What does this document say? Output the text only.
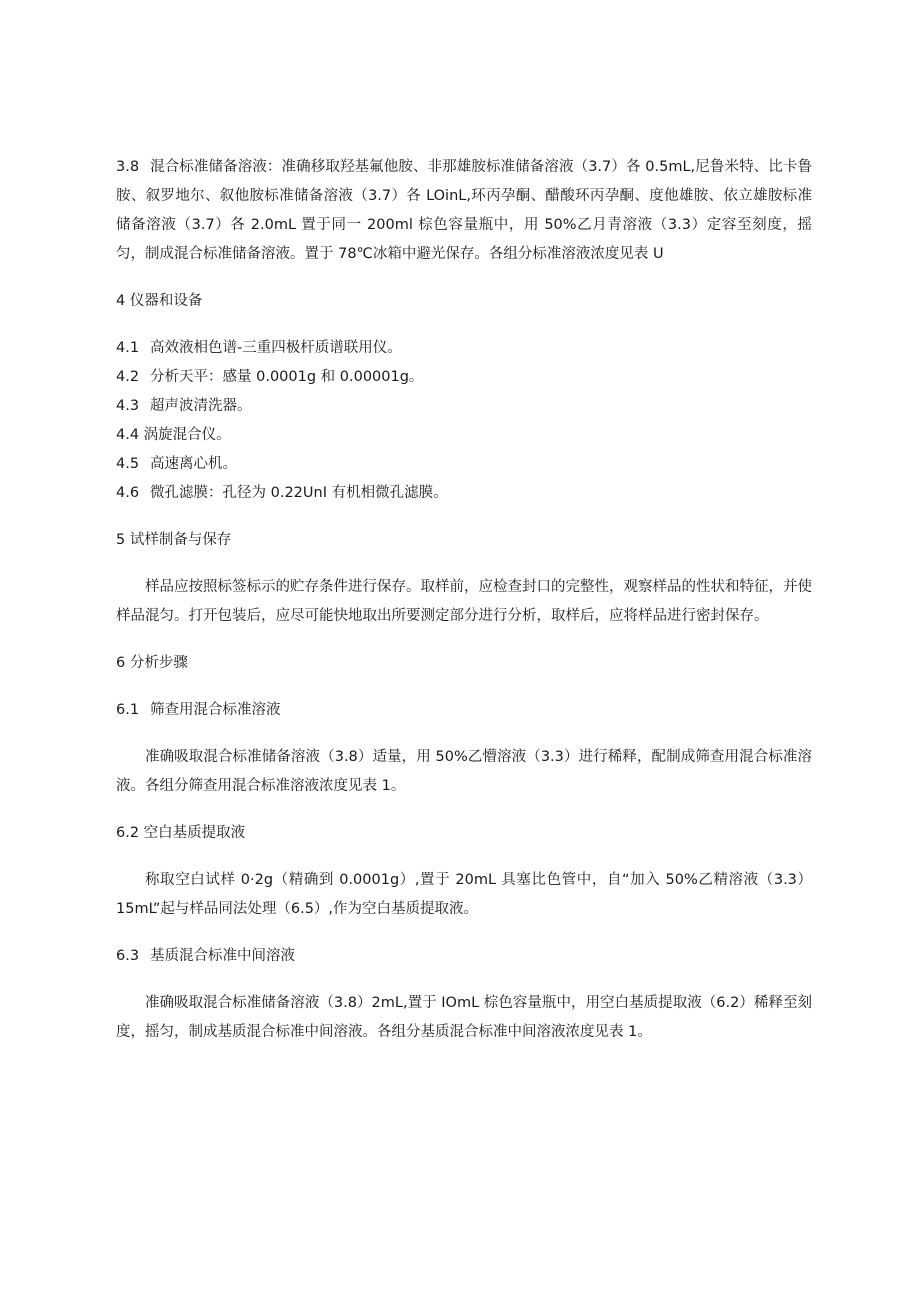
3.8 混合标准储备溶液：准确移取羟基氟他胺、非那雄胺标准储备溶液（3.7）各 0.5mL,尼鲁米特、比卡鲁胺、叙罗地尔、叙他胺标准储备溶液（3.7）各 LOinL,环丙孕酮、醋酸环丙孕酮、度他雄胺、依立雄胺标准储备溶液（3.7）各 2.0mL 置于同一 200ml 棕色容量瓶中，用 50%乙月青溶液（3.3）定容至刻度，摇匀，制成混合标准储备溶液。置于 78℃冰箱中避光保存。各组分标准溶液浓度见表 U

4 仪器和设备

4.1 高效液相色谱-三重四极杆质谱联用仪。

4.2 分析天平：感量 0.0001g 和 0.00001g。

4.3 超声波清洗器。

4.4 涡旋混合仪。

4.5 高速离心机。

4.6 微孔滤膜：孔径为 0.22UnI 有机相微孔滤膜。

5 试样制备与保存

样品应按照标签标示的贮存条件进行保存。取样前，应检查封口的完整性，观察样品的性状和特征，并使样品混匀。打开包装后，应尽可能快地取出所要测定部分进行分析，取样后，应将样品进行密封保存。

6 分析步骤

6.1 筛查用混合标准溶液

准确吸取混合标准储备溶液（3.8）适量，用 50%乙懵溶液（3.3）进行稀释，配制成筛查用混合标准溶液。各组分筛查用混合标准溶液浓度见表 1。

6.2 空白基质提取液

称取空白试样 0·2g（精确到 0.0001g）,置于 20mL 具塞比色管中，自“加入 50%乙精溶液（3.3）15mL”起与样品同法处理（6.5）,作为空白基质提取液。

6.3 基质混合标准中间溶液

准确吸取混合标准储备溶液（3.8）2mL,置于 IOmL 棕色容量瓶中，用空白基质提取液（6.2）稀释至刻度，摇匀，制成基质混合标准中间溶液。各组分基质混合标准中间溶液浓度见表 1。
